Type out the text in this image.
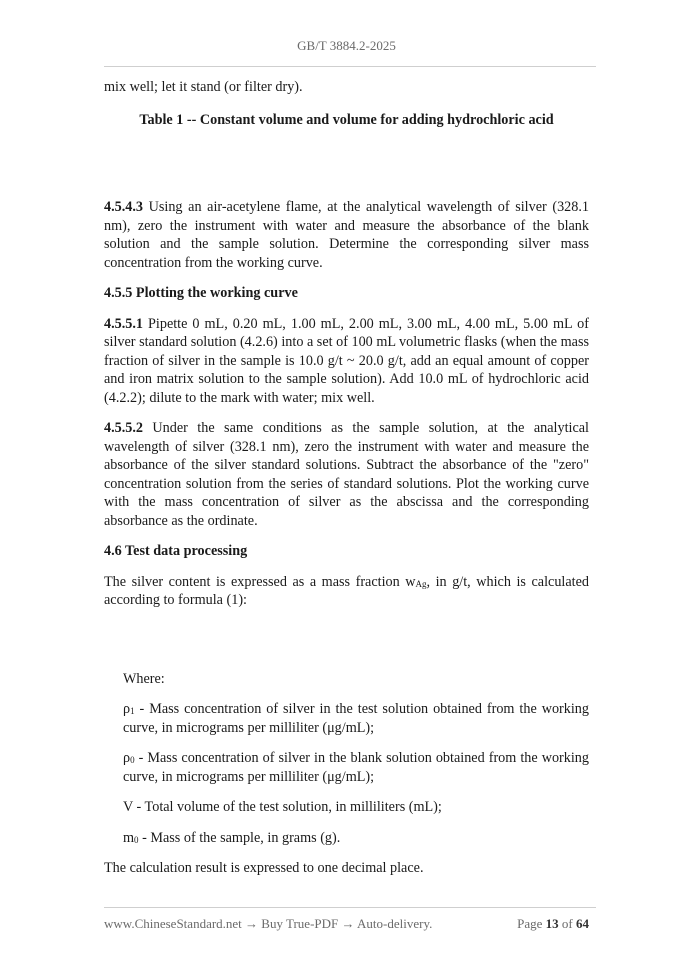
GB/T 3884.2-2025

mix well; let it stand (or filter dry).

Table 1 -- Constant volume and volume for adding hydrochloric acid

4.5.4.3 Using an air-acetylene flame, at the analytical wavelength of silver (328.1 nm), zero the instrument with water and measure the absorbance of the blank solution and the sample solution. Determine the corresponding silver mass concentration from the working curve.

4.5.5 Plotting the working curve

4.5.5.1 Pipette 0 mL, 0.20 mL, 1.00 mL, 2.00 mL, 3.00 mL, 4.00 mL, 5.00 mL of silver standard solution (4.2.6) into a set of 100 mL volumetric flasks (when the mass fraction of silver in the sample is 10.0 g/t ~ 20.0 g/t, add an equal amount of copper and iron matrix solution to the sample solution). Add 10.0 mL of hydrochloric acid (4.2.2); dilute to the mark with water; mix well.

4.5.5.2 Under the same conditions as the sample solution, at the analytical wavelength of silver (328.1 nm), zero the instrument with water and measure the absorbance of the silver standard solutions. Subtract the absorbance of the "zero" concentration solution from the series of standard solutions. Plot the working curve with the mass concentration of silver as the abscissa and the corresponding absorbance as the ordinate.

4.6 Test data processing

The silver content is expressed as a mass fraction $w_{Ag}$, in g/t, which is calculated according to formula (1):

Where:

$\rho_1$ - Mass concentration of silver in the test solution obtained from the working curve, in micrograms per milliliter (μg/mL);

$\rho_0$ - Mass concentration of silver in the blank solution obtained from the working curve, in micrograms per milliliter (μg/mL);

V - Total volume of the test solution, in milliliters (mL);

$m_0$ - Mass of the sample, in grams (g).

The calculation result is expressed to one decimal place.

www.ChineseStandard.net → Buy True-PDF → Auto-delivery.	Page 13 of 64
